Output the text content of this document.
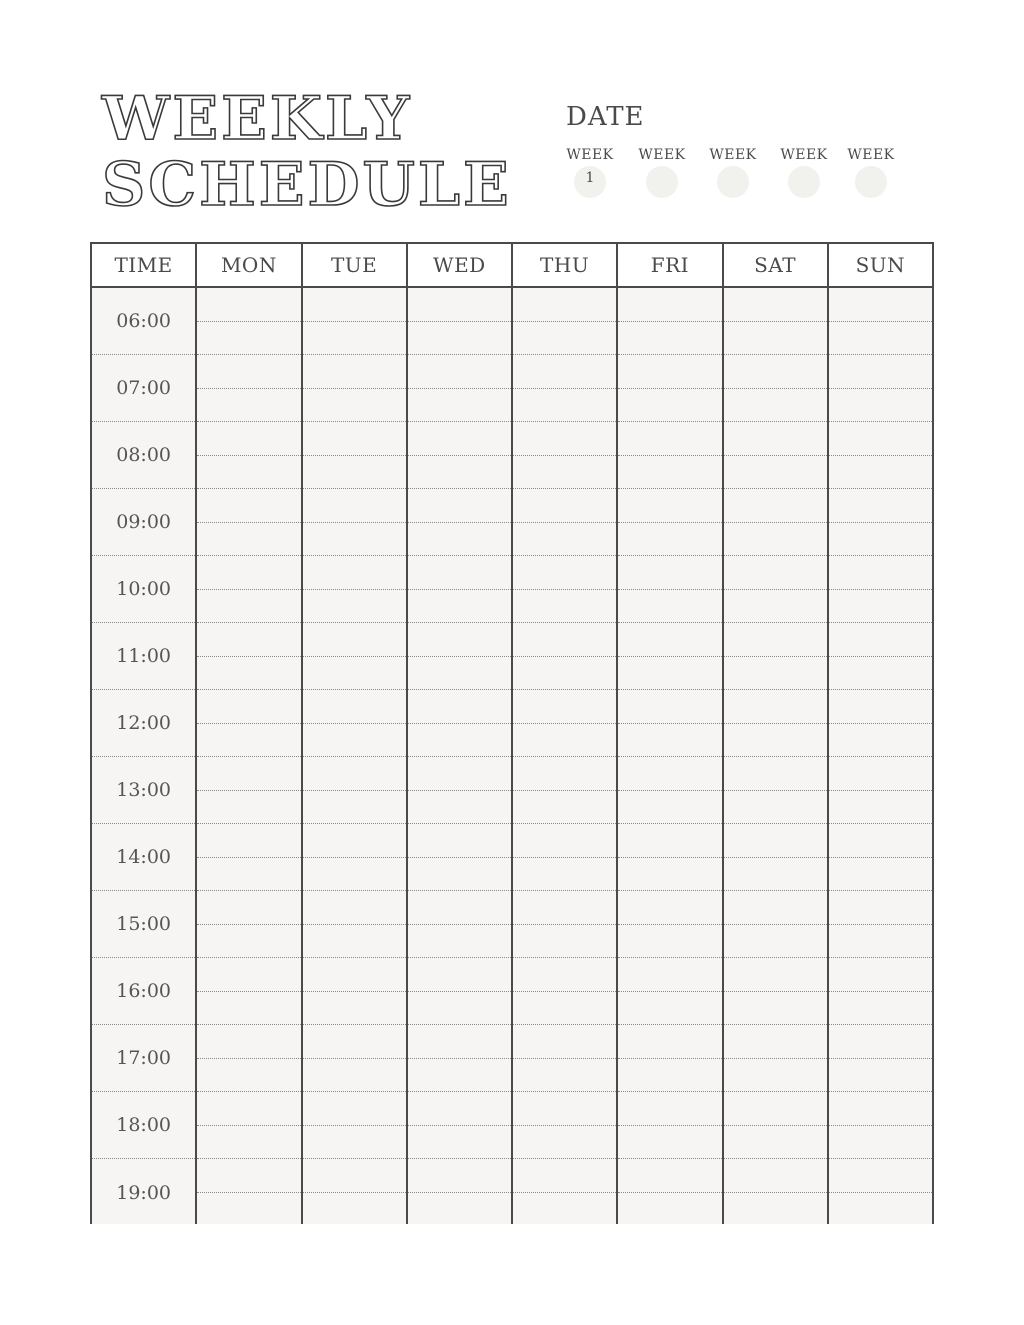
WEEKLY
SCHEDULE
DATE
WEEK
1
WEEK	WEEK	WEEK	WEEK
TIME	MON	TUE	WED	THU	FRI	SAT	SUN
06:00
07:00
08:00
09:00
10:00
11:00
12:00
13:00
14:00
15:00
16:00
17:00
18:00
19:00
